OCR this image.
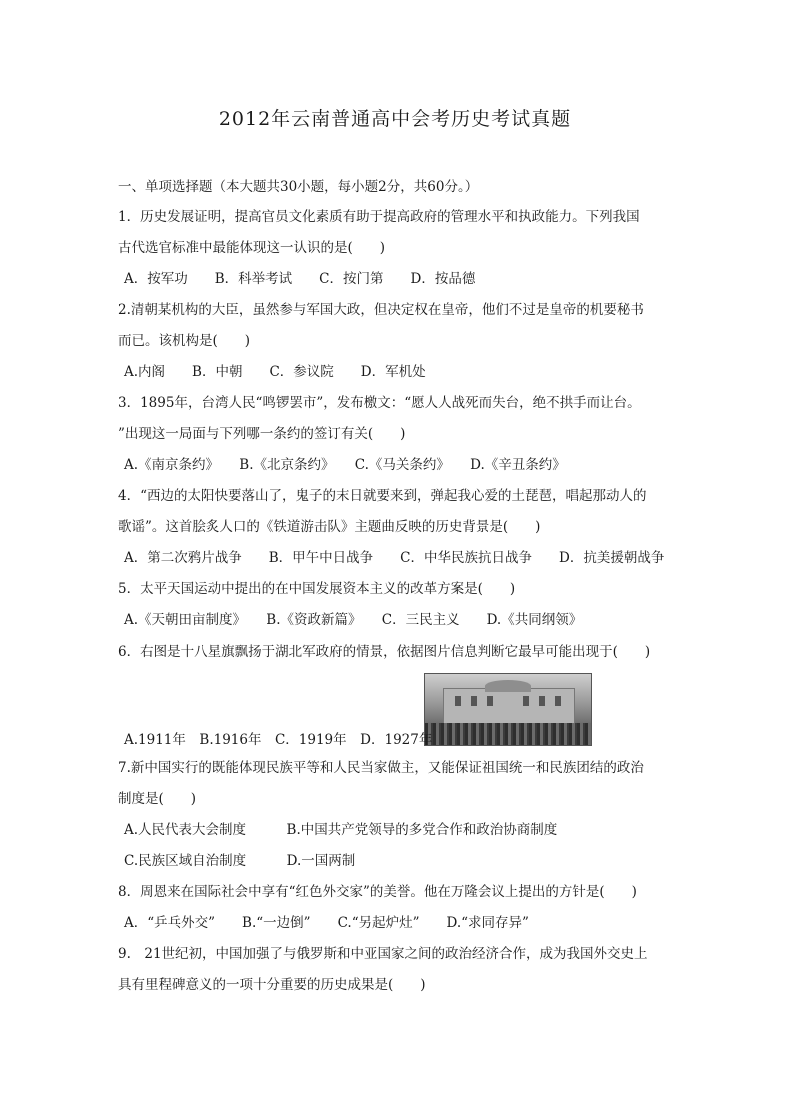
2012年云南普通高中会考历史考试真题
一、单项选择题（本大题共30小题，每小题2分，共60分。）
1．历史发展证明，提高官员文化素质有助于提高政府的管理水平和执政能力。下列我国
古代选官标准中最能体现这一认识的是(　　)
A．按军功　　B．科举考试　　C．按门第　　D．按品德
2.清朝某机构的大臣，虽然参与军国大政，但决定权在皇帝，他们不过是皇帝的机要秘书
而已。该机构是(　　)
A.内阁　　B．中朝　　C．参议院　　D．军机处
3．1895年，台湾人民“鸣锣罢市”，发布檄文：“愿人人战死而失台，绝不拱手而让台。
”出现这一局面与下列哪一条约的签订有关(　　)
A.《南京条约》　　B.《北京条约》　　C.《马关条约》　　D.《辛丑条约》
4．“西边的太阳快要落山了，鬼子的末日就要来到，弹起我心爱的土琵琶，唱起那动人的
歌谣”。这首脍炙人口的《铁道游击队》主题曲反映的历史背景是(　　)
A．第二次鸦片战争　　B．甲午中日战争　　C．中华民族抗日战争　　D．抗美援朝战争
5．太平天国运动中提出的在中国发展资本主义的改革方案是(　　)
A.《天朝田亩制度》　　B.《资政新篇》　　C．三民主义　　D.《共同纲领》
6．右图是十八星旗飘扬于湖北军政府的情景，依据图片信息判断它最早可能出现于(　　)
A.1911年　B.1916年　C．1919年　D．1927年
7.新中国实行的既能体现民族平等和人民当家做主，又能保证祖国统一和民族团结的政治
制度是(　　)
A.人民代表大会制度　　　B.中国共产党领导的多党合作和政治协商制度
C.民族区域自治制度　　　D.一国两制
8．周恩来在国际社会中享有“红色外交家”的美誉。他在万隆会议上提出的方针是(　　)
A．“乒乓外交”　　B.“一边倒”　　C.“另起炉灶”　　D.“求同存异”
9.　21世纪初，中国加强了与俄罗斯和中亚国家之间的政治经济合作，成为我国外交史上
具有里程碑意义的一项十分重要的历史成果是(　　)
